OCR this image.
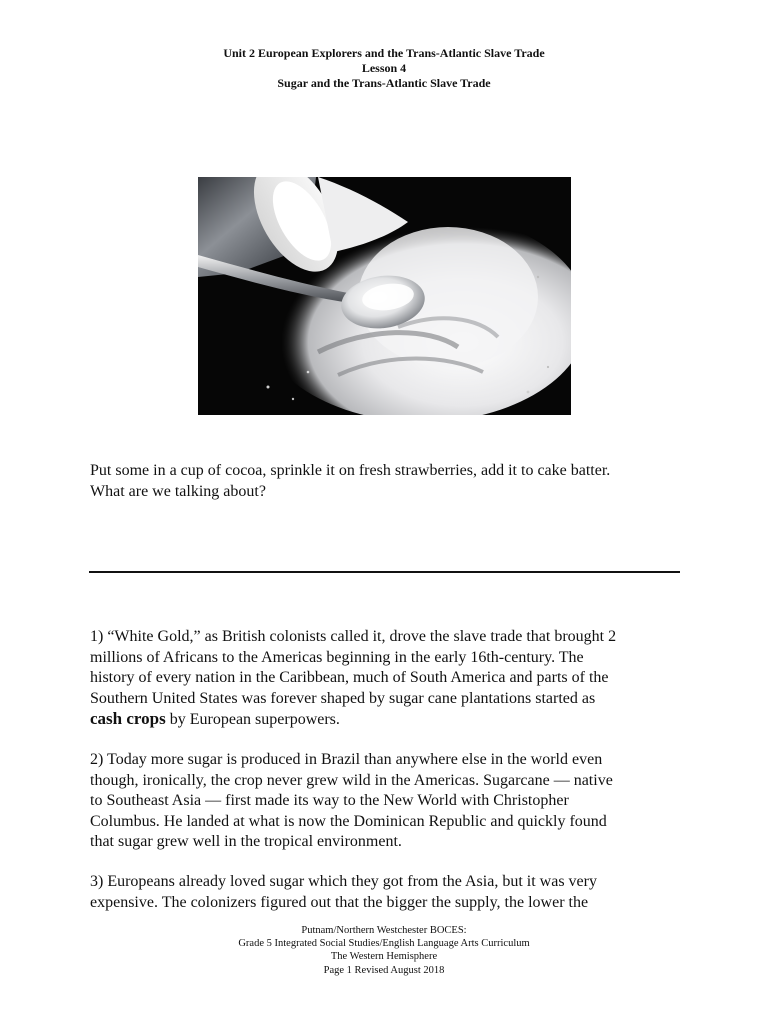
Unit 2 European Explorers and the Trans-Atlantic Slave Trade
Lesson 4
Sugar and the Trans-Atlantic Slave Trade
Put some in a cup of cocoa, sprinkle it on fresh strawberries, add it to cake batter.
What are we talking about?
1) “White Gold,” as British colonists called it, drove the slave trade that brought 2
millions of Africans to the Americas beginning in the early 16th-century. The
history of every nation in the Caribbean, much of South America and parts of the
Southern United States was forever shaped by sugar cane plantations started as
cash crops by European superpowers.
2) Today more sugar is produced in Brazil than anywhere else in the world even
though, ironically, the crop never grew wild in the Americas. Sugarcane — native
to Southeast Asia — first made its way to the New World with Christopher
Columbus. He landed at what is now the Dominican Republic and quickly found
that sugar grew well in the tropical environment.
3) Europeans already loved sugar which they got from the Asia, but it was very
expensive. The colonizers figured out that the bigger the supply, the lower the
Putnam/Northern Westchester BOCES:
Grade 5 Integrated Social Studies/English Language Arts Curriculum
The Western Hemisphere
Page 1 Revised August 2018
